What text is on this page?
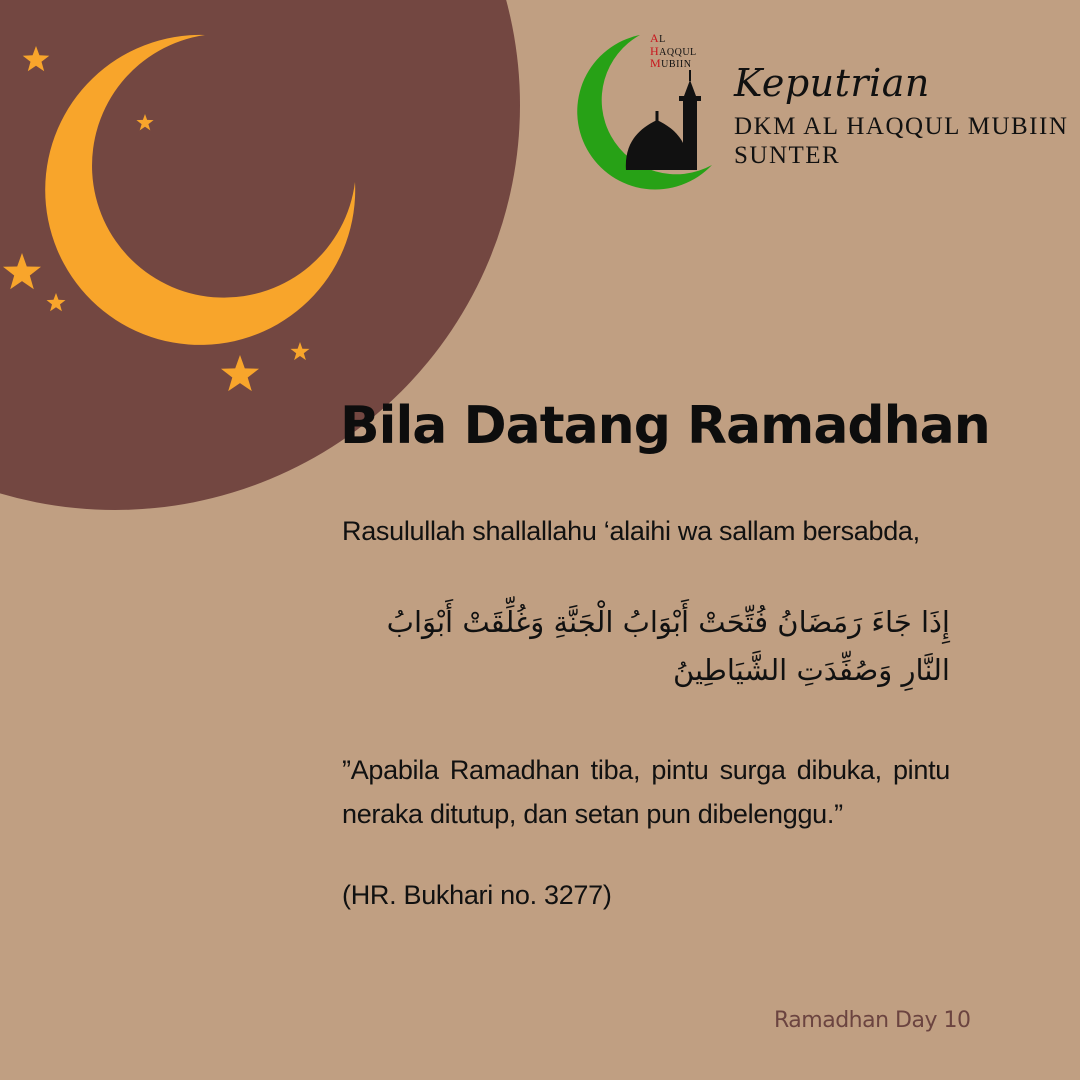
AL
HAQQUL
MUBIIN Keputrian
DKM AL HAQQUL MUBIIN
SUNTER
Bila Datang Ramadhan
Rasulullah shallallahu ‘alaihi wa sallam bersabda,
إِذَا جَاءَ رَمَضَانُ فُتِّحَتْ أَبْوَابُ الْجَنَّةِ وَغُلِّقَتْ أَبْوَابُ النَّارِ وَصُفِّدَتِ الشَّيَاطِينُ
”Apabila Ramadhan tiba, pintu surga dibuka, pintu neraka ditutup, dan setan pun dibelenggu.”
(HR. Bukhari no. 3277)
Ramadhan Day 10
